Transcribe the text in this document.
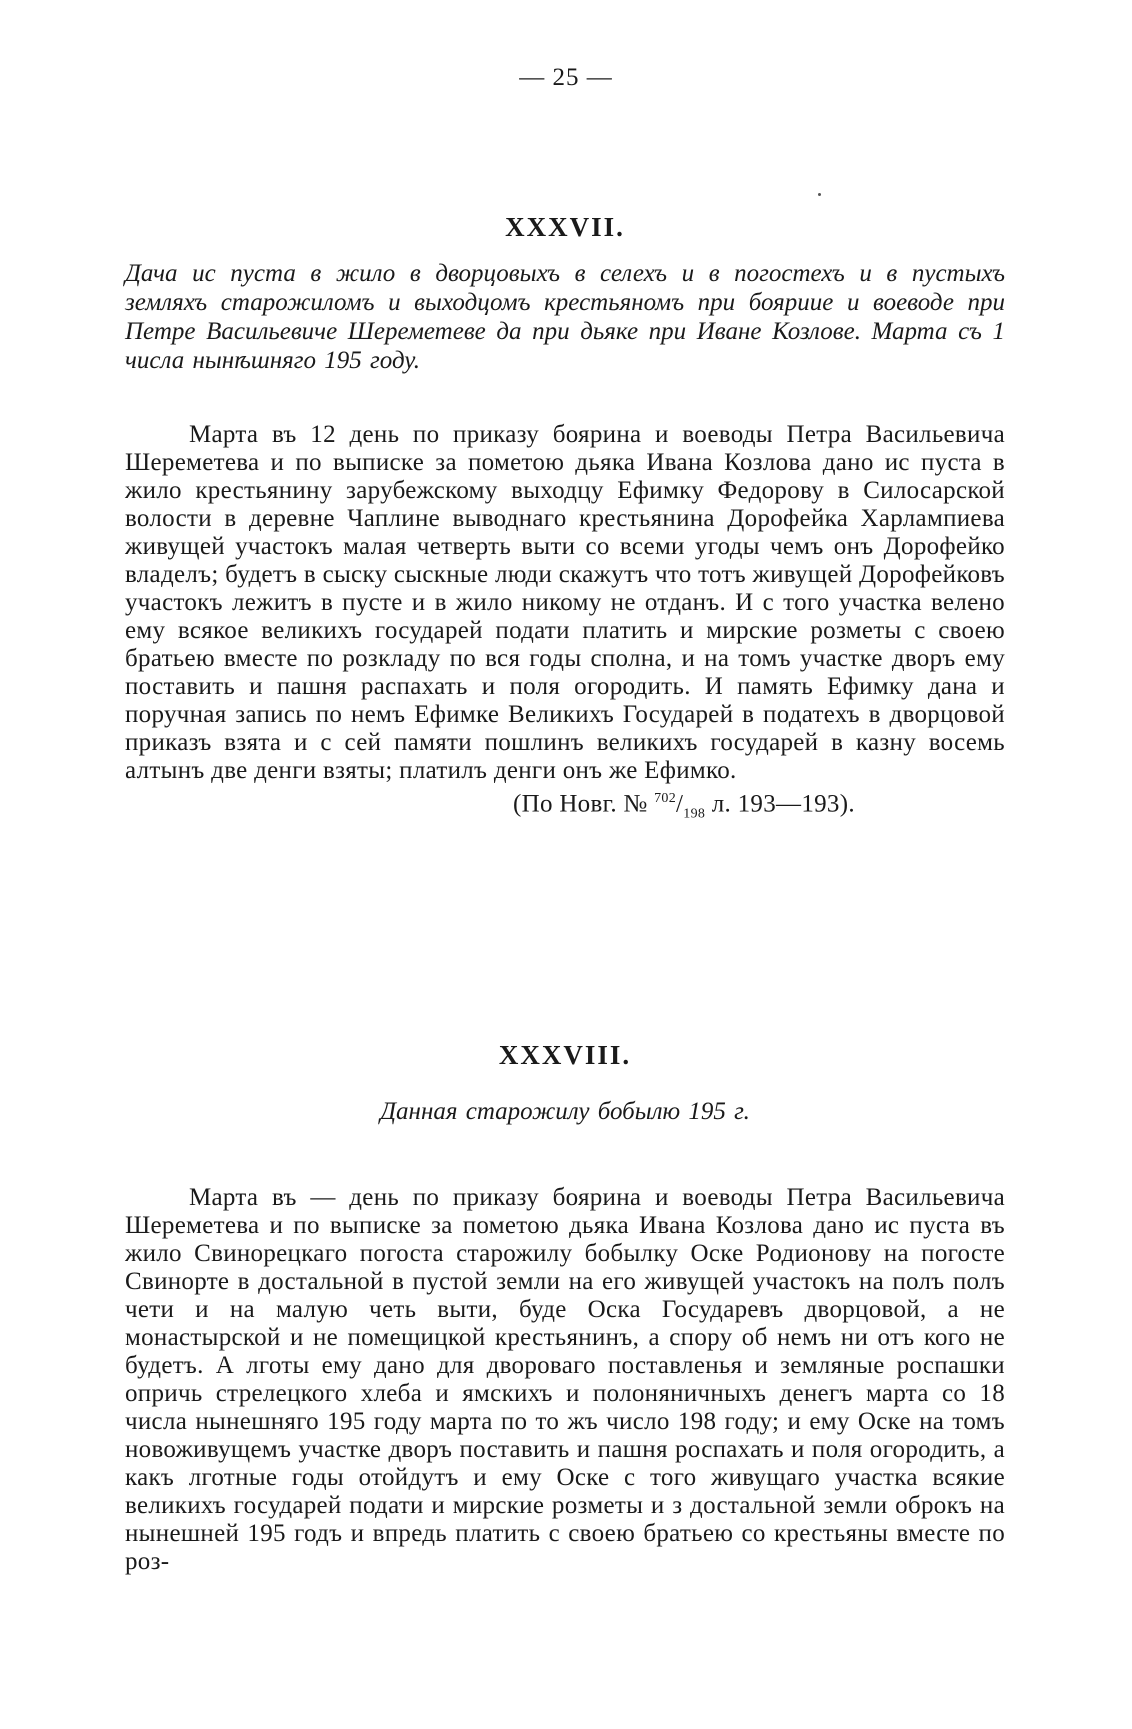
— 25 —
XXXVII.

Дача ис пуста в жило в дворцовыхъ в селехъ и в погостехъ и в пустыхъ земляхъ старожиломъ и выходцомъ крестьяномъ при бояриие и воеводе при Петре Васильевиче Шереметеве да при дьяке при Иване Козлове. Марта съ 1 числа нынѣшняго 195 году.

Марта въ 12 день по приказу боярина и воеводы Петра Васильевича Шереметева и по выписке за пометою дьяка Ивана Козлова дано ис пуста в жило крестьянину зарубежскому выходцу Ефимку Федорову в Силосарской волости в деревне Чаплине выводнаго крестьянина Дорофейка Харлампиева живущей участокъ малая четверть выти со всеми угоды чемъ онъ Дорофейко владелъ; будетъ в сыску сыскные люди скажутъ что тотъ живущей Дорофейковъ участокъ лежитъ в пусте и в жило никому не отданъ. И с того участка велено ему всякое великихъ государей подати платить и мирские розметы с своею братьею вместе по розкладу по вся годы сполна, и на томъ участке дворъ ему поставить и пашня распахать и поля огородить. И память Ефимку дана и поручная запись по немъ Ефимке Великихъ Государей в податехъ в дворцовой приказъ взята и с сей памяти пошлинъ великихъ государей в казну восемь алтынъ две денги взяты; платилъ денги онъ же Ефимко.

(По Новг. № $^{702}/_{198}$ л. 193—193).

XXXVIII.

Данная старожилу бобылю 195 г.

Марта въ — день по приказу боярина и воеводы Петра Васильевича Шереметева и по выписке за пометою дьяка Ивана Козлова дано ис пуста въ жило Свинорецкаго погоста старожилу бобылку Оске Родионову на погосте Свинорте в достальной в пустой земли на его живущей участокъ на полъ полъ чети и на малую четь выти, буде Оска Государевъ дворцовой, а не монастырской и не помещицкой крестьянинъ, а спору об немъ ни отъ кого не будетъ. А лготы ему дано для двороваго поставленья и земляные роспашки опричь стрелецкого хлеба и ямскихъ и полоняничныхъ денегъ марта со 18 числа нынешняго 195 году марта по то жъ число 198 году; и ему Оске на томъ новоживущемъ участке дворъ поставить и пашня роспахать и поля огородить, а какъ лготные годы отойдутъ и ему Оске с того живущаго участка всякие великихъ государей подати и мирские розметы и з достальной земли оброкъ на нынешней 195 годъ и впредь платить с своею братьею со крестьяны вместе по роз-
